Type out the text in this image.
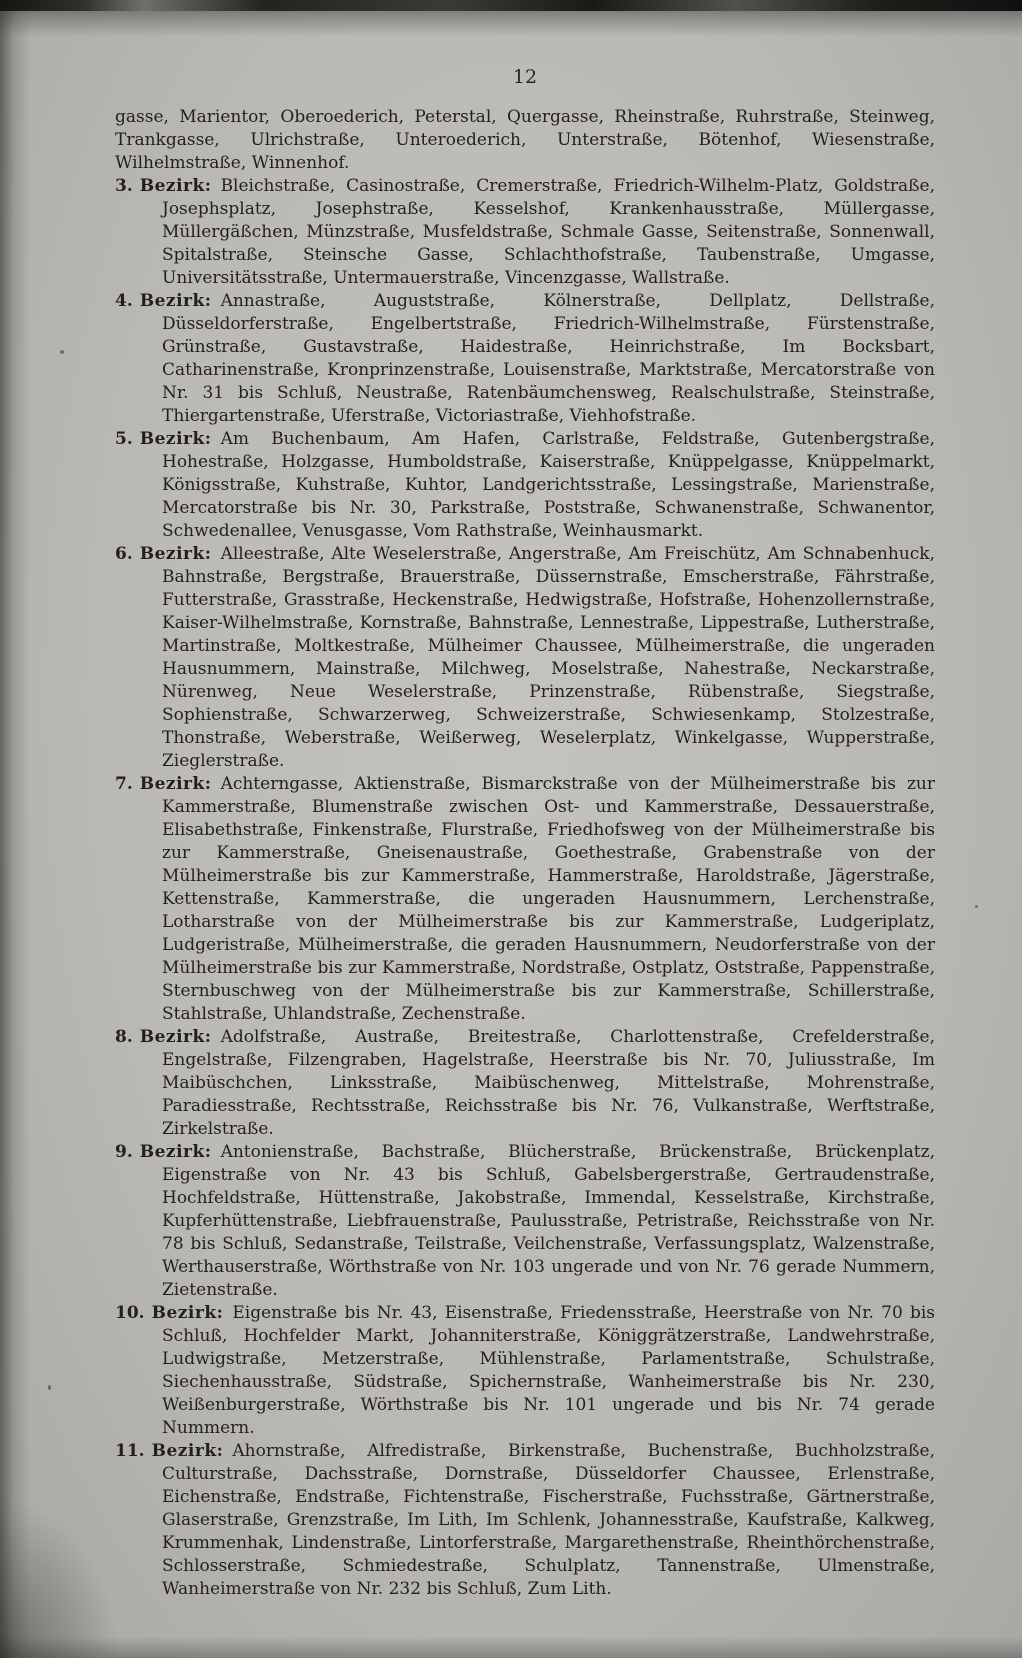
12

gasse, Marientor, Oberoederich, Peterstal, Quergasse, Rheinstraße, Ruhrstraße, Steinweg, Trankgasse, Ulrichstraße, Unteroederich, Unterstraße, Bötenhof, Wiesenstraße, Wilhelmstraße, Winnenhof.

3. Bezirk: Bleichstraße, Casinostraße, Cremerstraße, Friedrich-Wilhelm-Platz, Goldstraße, Josephsplatz, Josephstraße, Kesselshof, Krankenhausstraße, Müllergasse, Müllergäßchen, Münzstraße, Musfeldstraße, Schmale Gasse, Seitenstraße, Sonnenwall, Spitalstraße, Steinsche Gasse, Schlachthofstraße, Taubenstraße, Umgasse, Universitätsstraße, Untermauerstraße, Vincenzgasse, Wallstraße.

4. Bezirk: Annastraße, Auguststraße, Kölnerstraße, Dellplatz, Dellstraße, Düsseldorferstraße, Engelbertstraße, Friedrich-Wilhelmstraße, Fürstenstraße, Grünstraße, Gustavstraße, Haidestraße, Heinrichstraße, Im Bocksbart, Catharinenstraße, Kronprinzenstraße, Louisenstraße, Marktstraße, Mercatorstraße von Nr. 31 bis Schluß, Neustraße, Ratenbäumchensweg, Realschulstraße, Steinstraße, Thiergartenstraße, Uferstraße, Victoriastraße, Viehhofstraße.

5. Bezirk: Am Buchenbaum, Am Hafen, Carlstraße, Feldstraße, Gutenbergstraße, Hohestraße, Holzgasse, Humboldstraße, Kaiserstraße, Knüppelgasse, Knüppelmarkt, Königsstraße, Kuhstraße, Kuhtor, Landgerichtsstraße, Lessingstraße, Marienstraße, Mercatorstraße bis Nr. 30, Parkstraße, Poststraße, Schwanenstraße, Schwanentor, Schwedenallee, Venusgasse, Vom Rathstraße, Weinhausmarkt.

6. Bezirk: Alleestraße, Alte Weselerstraße, Angerstraße, Am Freischütz, Am Schnabenhuck, Bahnstraße, Bergstraße, Brauerstraße, Düssernstraße, Emscherstraße, Fährstraße, Futterstraße, Grasstraße, Heckenstraße, Hedwigstraße, Hofstraße, Hohenzollernstraße, Kaiser-Wilhelmstraße, Kornstraße, Bahnstraße, Lennestraße, Lippestraße, Lutherstraße, Martinstraße, Moltkestraße, Mülheimer Chaussee, Mülheimerstraße, die ungeraden Hausnummern, Mainstraße, Milchweg, Moselstraße, Nahestraße, Neckarstraße, Nürenweg, Neue Weselerstraße, Prinzenstraße, Rübenstraße, Siegstraße, Sophienstraße, Schwarzerweg, Schweizerstraße, Schwiesenkamp, Stolzestraße, Thonstraße, Weberstraße, Weißerweg, Weselerplatz, Winkelgasse, Wupperstraße, Zieglerstraße.

7. Bezirk: Achterngasse, Aktienstraße, Bismarckstraße von der Mülheimerstraße bis zur Kammerstraße, Blumenstraße zwischen Ost- und Kammerstraße, Dessauerstraße, Elisabethstraße, Finkenstraße, Flurstraße, Friedhofsweg von der Mülheimerstraße bis zur Kammerstraße, Gneisenaustraße, Goethestraße, Grabenstraße von der Mülheimerstraße bis zur Kammerstraße, Hammerstraße, Haroldstraße, Jägerstraße, Kettenstraße, Kammerstraße, die ungeraden Hausnummern, Lerchenstraße, Lotharstraße von der Mülheimerstraße bis zur Kammerstraße, Ludgeriplatz, Ludgeristraße, Mülheimerstraße, die geraden Hausnummern, Neudorferstraße von der Mülheimerstraße bis zur Kammerstraße, Nordstraße, Ostplatz, Oststraße, Pappenstraße, Sternbuschweg von der Mülheimerstraße bis zur Kammerstraße, Schillerstraße, Stahlstraße, Uhlandstraße, Zechenstraße.

8. Bezirk: Adolfstraße, Austraße, Breitestraße, Charlottenstraße, Crefelderstraße, Engelstraße, Filzengraben, Hagelstraße, Heerstraße bis Nr. 70, Juliusstraße, Im Maibüschchen, Linksstraße, Maibüschenweg, Mittelstraße, Mohrenstraße, Paradiesstraße, Rechtsstraße, Reichsstraße bis Nr. 76, Vulkanstraße, Werftstraße, Zirkelstraße.

9. Bezirk: Antonienstraße, Bachstraße, Blücherstraße, Brückenstraße, Brückenplatz, Eigenstraße von Nr. 43 bis Schluß, Gabelsbergerstraße, Gertraudenstraße, Hochfeldstraße, Hüttenstraße, Jakobstraße, Immendal, Kesselstraße, Kirchstraße, Kupferhüttenstraße, Liebfrauenstraße, Paulusstraße, Petristraße, Reichsstraße von Nr. 78 bis Schluß, Sedanstraße, Teilstraße, Veilchenstraße, Verfassungsplatz, Walzenstraße, Werthauserstraße, Wörthstraße von Nr. 103 ungerade und von Nr. 76 gerade Nummern, Zietenstraße.

10. Bezirk: Eigenstraße bis Nr. 43, Eisenstraße, Friedensstraße, Heerstraße von Nr. 70 bis Schluß, Hochfelder Markt, Johanniterstraße, Königgrätzerstraße, Landwehrstraße, Ludwigstraße, Metzerstraße, Mühlenstraße, Parlamentstraße, Schulstraße, Siechenhausstraße, Südstraße, Spichernstraße, Wanheimerstraße bis Nr. 230, Weißenburgerstraße, Wörthstraße bis Nr. 101 ungerade und bis Nr. 74 gerade Nummern.

11. Bezirk: Ahornstraße, Alfredistraße, Birkenstraße, Buchenstraße, Buchholzstraße, Culturstraße, Dachsstraße, Dornstraße, Düsseldorfer Chaussee, Erlenstraße, Eichenstraße, Endstraße, Fichtenstraße, Fischerstraße, Fuchsstraße, Gärtnerstraße, Glaserstraße, Grenzstraße, Im Lith, Im Schlenk, Johannesstraße, Kaufstraße, Kalkweg, Krummenhak, Lindenstraße, Lintorferstraße, Margarethenstraße, Rheinthörchenstraße, Schlosserstraße, Schmiedestraße, Schulplatz, Tannenstraße, Ulmenstraße, Wanheimerstraße von Nr. 232 bis Schluß, Zum Lith.
